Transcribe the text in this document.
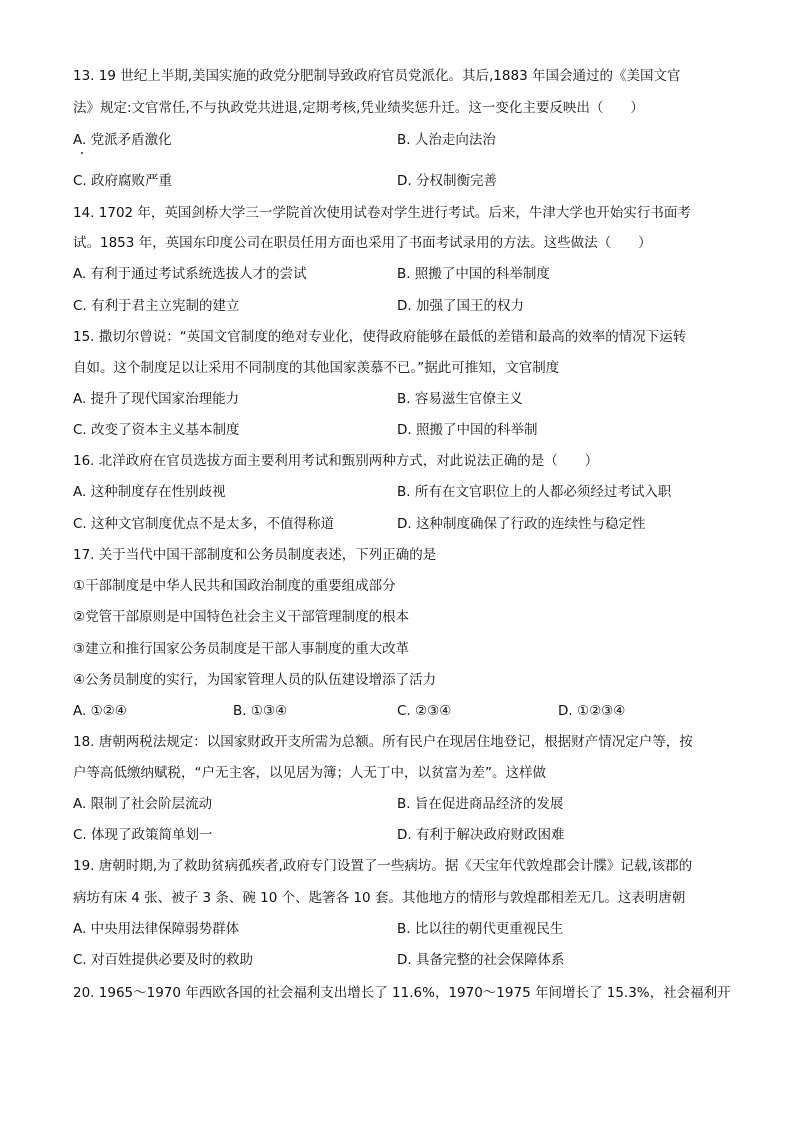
13. 19 世纪上半期,美国实施的政党分肥制导致政府官员党派化。其后,1883 年国会通过的《美国文官
法》规定:文官常任,不与执政党共进退,定期考核,凭业绩奖惩升迁。这一变化主要反映出（　　）
A. 党派矛盾激化	B. 人治走向法治
C. 政府腐败严重	D. 分权制衡完善
14. 1702 年，英国剑桥大学三一学院首次使用试卷对学生进行考试。后来，牛津大学也开始实行书面考
试。1853 年，英国东印度公司在职员任用方面也采用了书面考试录用的方法。这些做法（　　）
A. 有利于通过考试系统选拔人才的尝试	B. 照搬了中国的科举制度
C. 有利于君主立宪制的建立	D. 加强了国王的权力
15. 撒切尔曾说：“英国文官制度的绝对专业化，使得政府能够在最低的差错和最高的效率的情况下运转
自如。这个制度足以让采用不同制度的其他国家羡慕不已。”据此可推知，文官制度
A. 提升了现代国家治理能力	B. 容易滋生官僚主义
C. 改变了资本主义基本制度	D. 照搬了中国的科举制
16. 北洋政府在官员选拔方面主要利用考试和甄别两种方式，对此说法正确的是（　　）
A. 这种制度存在性别歧视	B. 所有在文官职位上的人都必须经过考试入职
C. 这种文官制度优点不是太多，不值得称道	D. 这种制度确保了行政的连续性与稳定性
17. 关于当代中国干部制度和公务员制度表述，下列正确的是
①干部制度是中华人民共和国政治制度的重要组成部分
②党管干部原则是中国特色社会主义干部管理制度的根本
③建立和推行国家公务员制度是干部人事制度的重大改革
④公务员制度的实行，为国家管理人员的队伍建设增添了活力
A. ①②④	B. ①③④	C. ②③④	D. ①②③④
18. 唐朝两税法规定：以国家财政开支所需为总额。所有民户在现居住地登记，根据财产情况定户等，按
户等高低缴纳赋税，“户无主客，以见居为簿；人无丁中，以贫富为差”。这样做
A. 限制了社会阶层流动	B. 旨在促进商品经济的发展
C. 体现了政策简单划一	D. 有利于解决政府财政困难
19. 唐朝时期,为了救助贫病孤疾者,政府专门设置了一些病坊。据《天宝年代敦煌郡会计牒》记载,该郡的
病坊有床 4 张、被子 3 条、碗 10 个、匙箸各 10 套。其他地方的情形与敦煌郡相差无几。这表明唐朝
A. 中央用法律保障弱势群体	B. 比以往的朝代更重视民生
C. 对百姓提供必要及时的救助	D. 具备完整的社会保障体系
20. 1965～1970 年西欧各国的社会福利支出增长了 11.6%，1970～1975 年间增长了 15.3%，社会福利开
